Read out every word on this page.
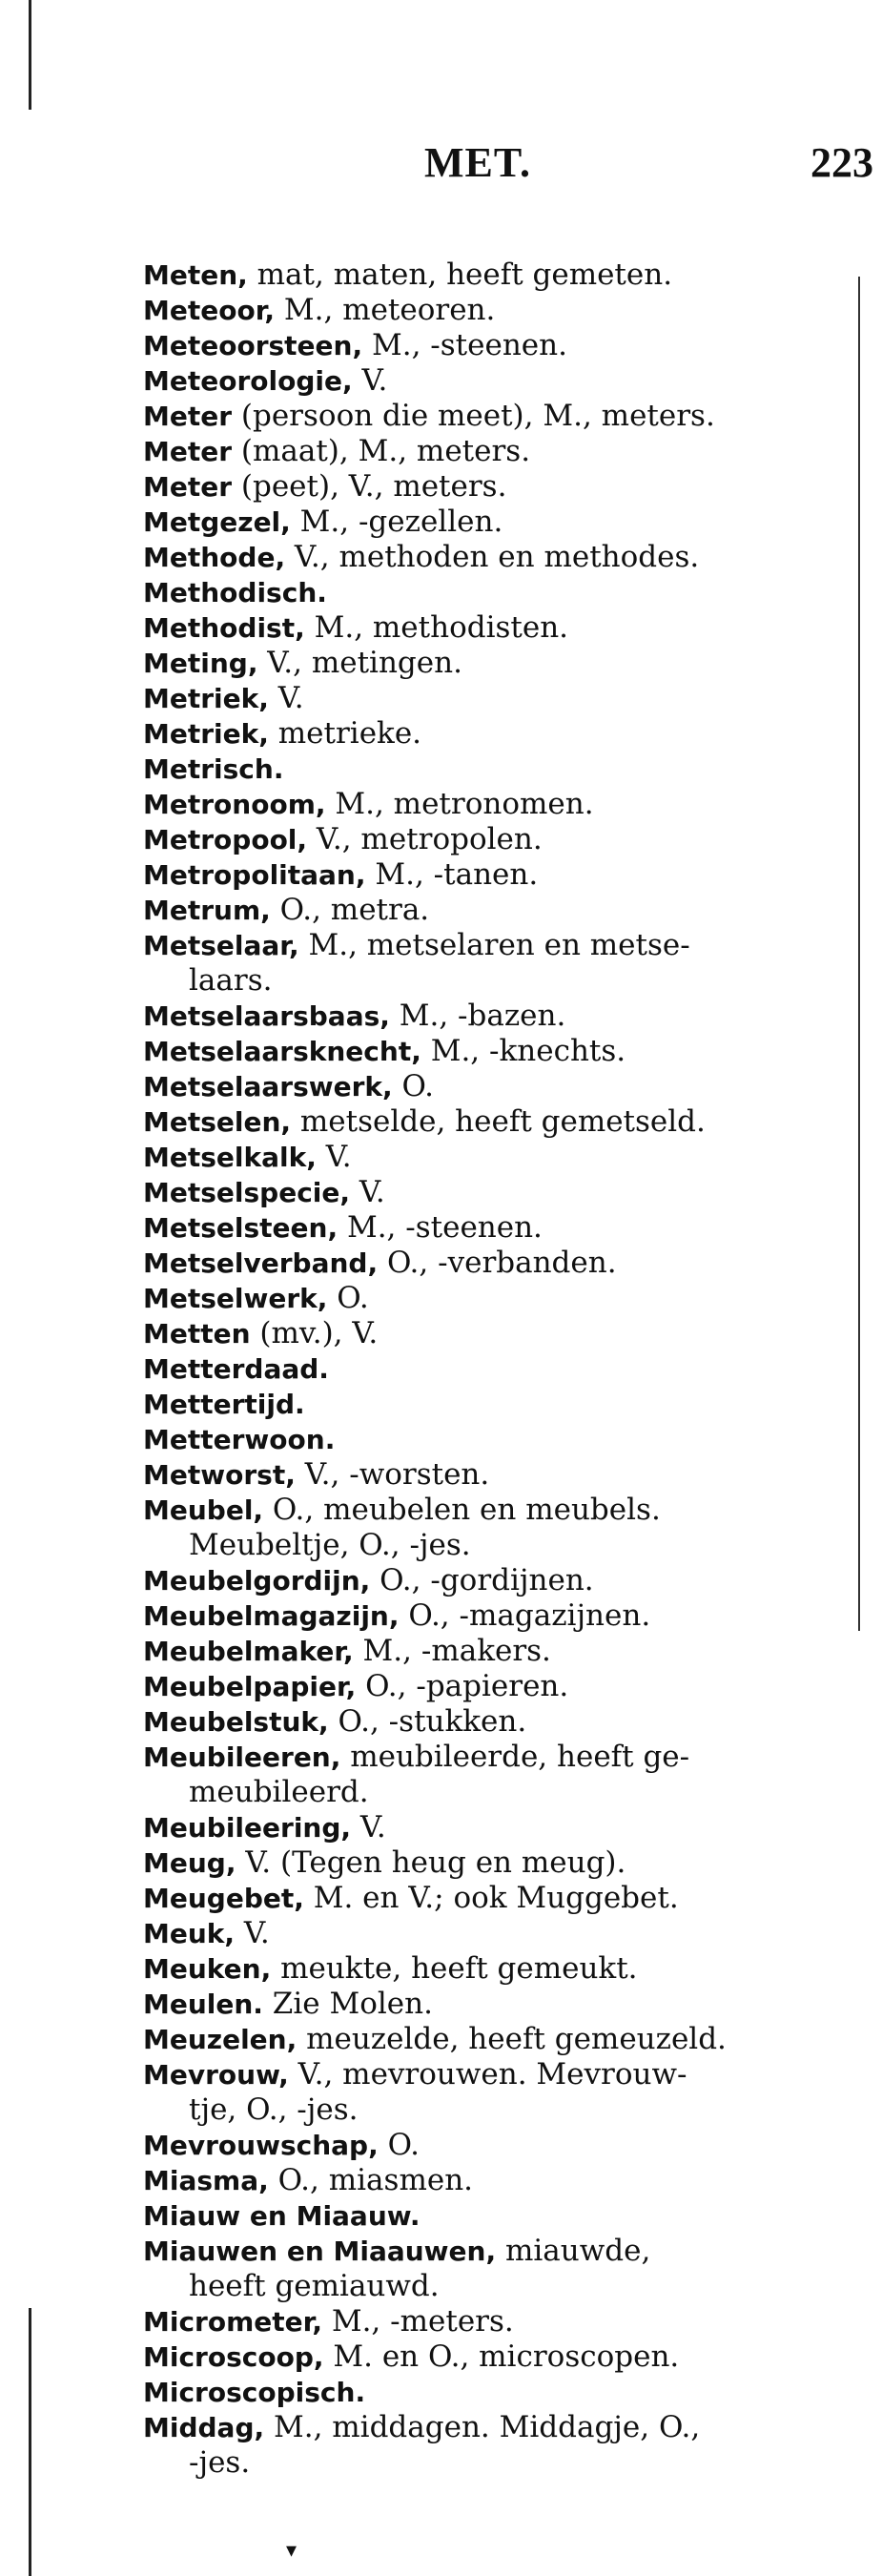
MET.	223
Meten, mat, maten, heeft gemeten.
Meteoor, M., meteoren.
Meteoorsteen, M., -steenen.
Meteorologie, V.
Meter (persoon die meet), M., meters.
Meter (maat), M., meters.
Meter (peet), V., meters.
Metgezel, M., -gezellen.
Methode, V., methoden en methodes.
Methodisch.
Methodist, M., methodisten.
Meting, V., metingen.
Metriek, V.
Metriek, metrieke.
Metrisch.
Metronoom, M., metronomen.
Metropool, V., metropolen.
Metropolitaan, M., -tanen.
Metrum, O., metra.
Metselaar, M., metselaren en metse-
laars.
Metselaarsbaas, M., -bazen.
Metselaarsknecht, M., -knechts.
Metselaarswerk, O.
Metselen, metselde, heeft gemetseld.
Metselkalk, V.
Metselspecie, V.
Metselsteen, M., -steenen.
Metselverband, O., -verbanden.
Metselwerk, O.
Metten (mv.), V.
Metterdaad.
Mettertijd.
Metterwoon.
Metworst, V., -worsten.
Meubel, O., meubelen en meubels.
Meubeltje, O., -jes.
Meubelgordijn, O., -gordijnen.
Meubelmagazijn, O., -magazijnen.
Meubelmaker, M., -makers.
Meubelpapier, O., -papieren.
Meubelstuk, O., -stukken.
Meubileeren, meubileerde, heeft ge-
meubileerd.
Meubileering, V.
Meug, V. (Tegen heug en meug).
Meugebet, M. en V.; ook Muggebet.
Meuk, V.
Meuken, meukte, heeft gemeukt.
Meulen. Zie Molen.
Meuzelen, meuzelde, heeft gemeuzeld.
Mevrouw, V., mevrouwen. Mevrouw-
tje, O., -jes.
Mevrouwschap, O.
Miasma, O., miasmen.
Miauw en Miaauw.
Miauwen en Miaauwen, miauwde,
heeft gemiauwd.
Micrometer, M., -meters.
Microscoop, M. en O., microscopen.
Microscopisch.
Middag, M., middagen. Middagje, O.,
-jes.
▾
